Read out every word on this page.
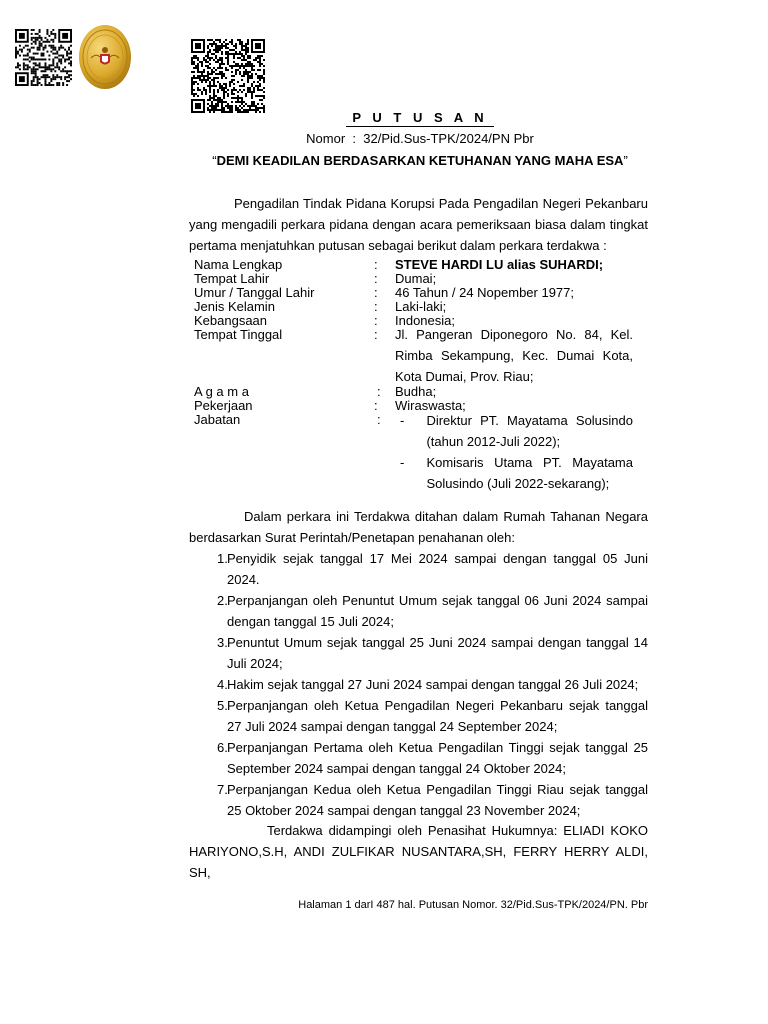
P U T U S A N
Nomor : 32/Pid.Sus-TPK/2024/PN Pbr
“DEMI KEADILAN BERDASARKAN KETUHANAN YANG MAHA ESA”
Pengadilan Tindak Pidana Korupsi Pada Pengadilan Negeri Pekanbaru yang mengadili perkara pidana dengan acara pemeriksaan biasa dalam tingkat pertama menjatuhkan putusan sebagai berikut dalam perkara terdakwa :
Nama Lengkap	:	STEVE HARDI LU alias SUHARDI;
Tempat Lahir	:	Dumai;
Umur / Tanggal Lahir	:	46 Tahun / 24 Nopember 1977;
Jenis Kelamin	:	Laki-laki;
Kebangsaan	:	Indonesia;
Tempat Tinggal	:	Jl. Pangeran Diponegoro No. 84, Kel. Rimba Sekampung, Kec. Dumai Kota, Kota Dumai, Prov. Riau;
A g a m a	:	Budha;
Pekerjaan	:	Wiraswasta;
Jabatan	:	-	Direktur PT. Mayatama Solusindo (tahun 2012-Juli 2022);
-	Komisaris Utama PT. Mayatama Solusindo (Juli 2022-sekarang);
Dalam perkara ini Terdakwa ditahan dalam Rumah Tahanan Negara berdasarkan Surat Perintah/Penetapan penahanan oleh:
1. Penyidik sejak tanggal 17 Mei 2024 sampai dengan tanggal 05 Juni 2024.
2. Perpanjangan oleh Penuntut Umum sejak tanggal 06 Juni 2024 sampai dengan tanggal 15 Juli 2024;
3. Penuntut Umum sejak tanggal 25 Juni 2024 sampai dengan tanggal 14 Juli 2024;
4. Hakim sejak tanggal 27 Juni 2024 sampai dengan tanggal 26 Juli 2024;
5. Perpanjangan oleh Ketua Pengadilan Negeri Pekanbaru sejak tanggal 27 Juli 2024 sampai dengan tanggal 24 September 2024;
6. Perpanjangan Pertama oleh Ketua Pengadilan Tinggi sejak tanggal 25 September 2024 sampai dengan tanggal 24 Oktober 2024;
7. Perpanjangan Kedua oleh Ketua Pengadilan Tinggi Riau sejak tanggal 25 Oktober 2024 sampai dengan tanggal 23 November 2024;
Terdakwa didampingi oleh Penasihat Hukumnya: ELIADI KOKO HARIYONO,S.H, ANDI ZULFIKAR NUSANTARA,SH, FERRY HERRY ALDI, SH,
Halaman 1 darI 487 hal. Putusan Nomor. 32/Pid.Sus-TPK/2024/PN. Pbr
